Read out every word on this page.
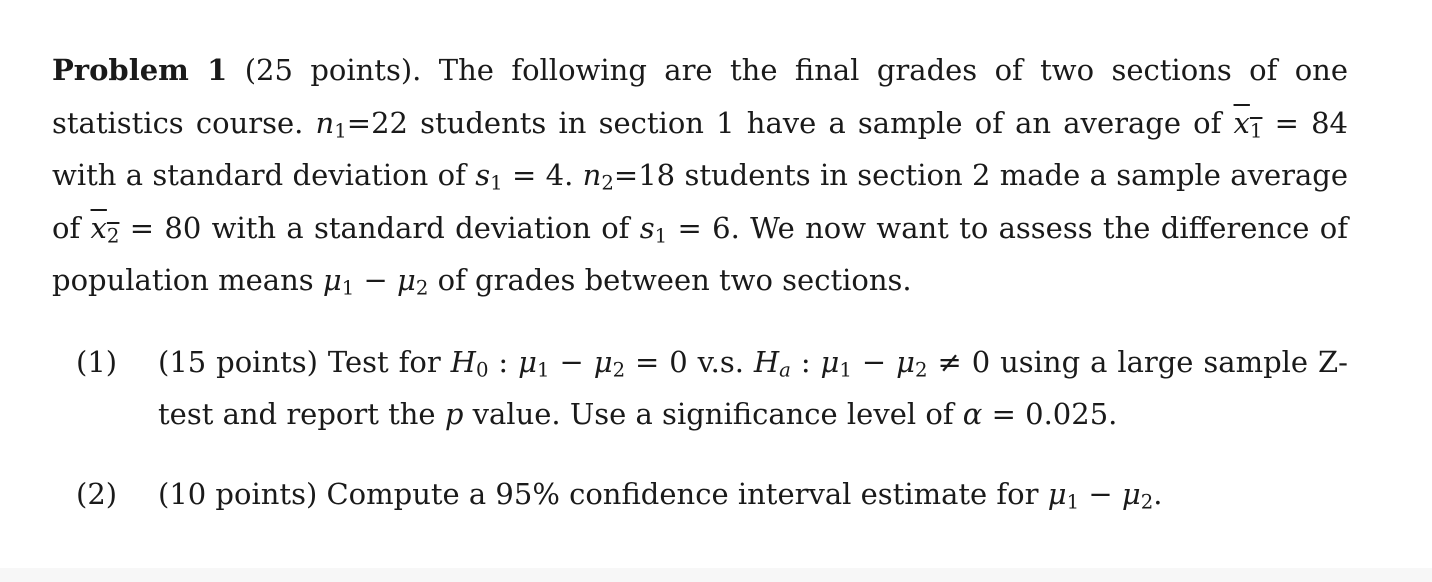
Problem 1 (25 points). The following are the final grades of two sections of one statistics course. $n_1=22$ students in section 1 have a sample of an average of $x_1 = 84$ with a standard deviation of $s_1 = 4$. $n_2=18$ students in section 2 made a sample average of $x_2 = 80$ with a standard deviation of $s_1 = 6$. We now want to assess the difference of population means $\mu_1 - \mu_2$ of grades between two sections.

(1) (15 points) Test for $H_0$ : $\mu_1 - \mu_2 = 0$ v.s. $H_a$ : $\mu_1 - \mu_2 \ne 0$ using a large sample Z-test and report the p value. Use a significance level of α = 0.025.
(2) (10 points) Compute a 95% confidence interval estimate for $\mu_1 - \mu_2$.
